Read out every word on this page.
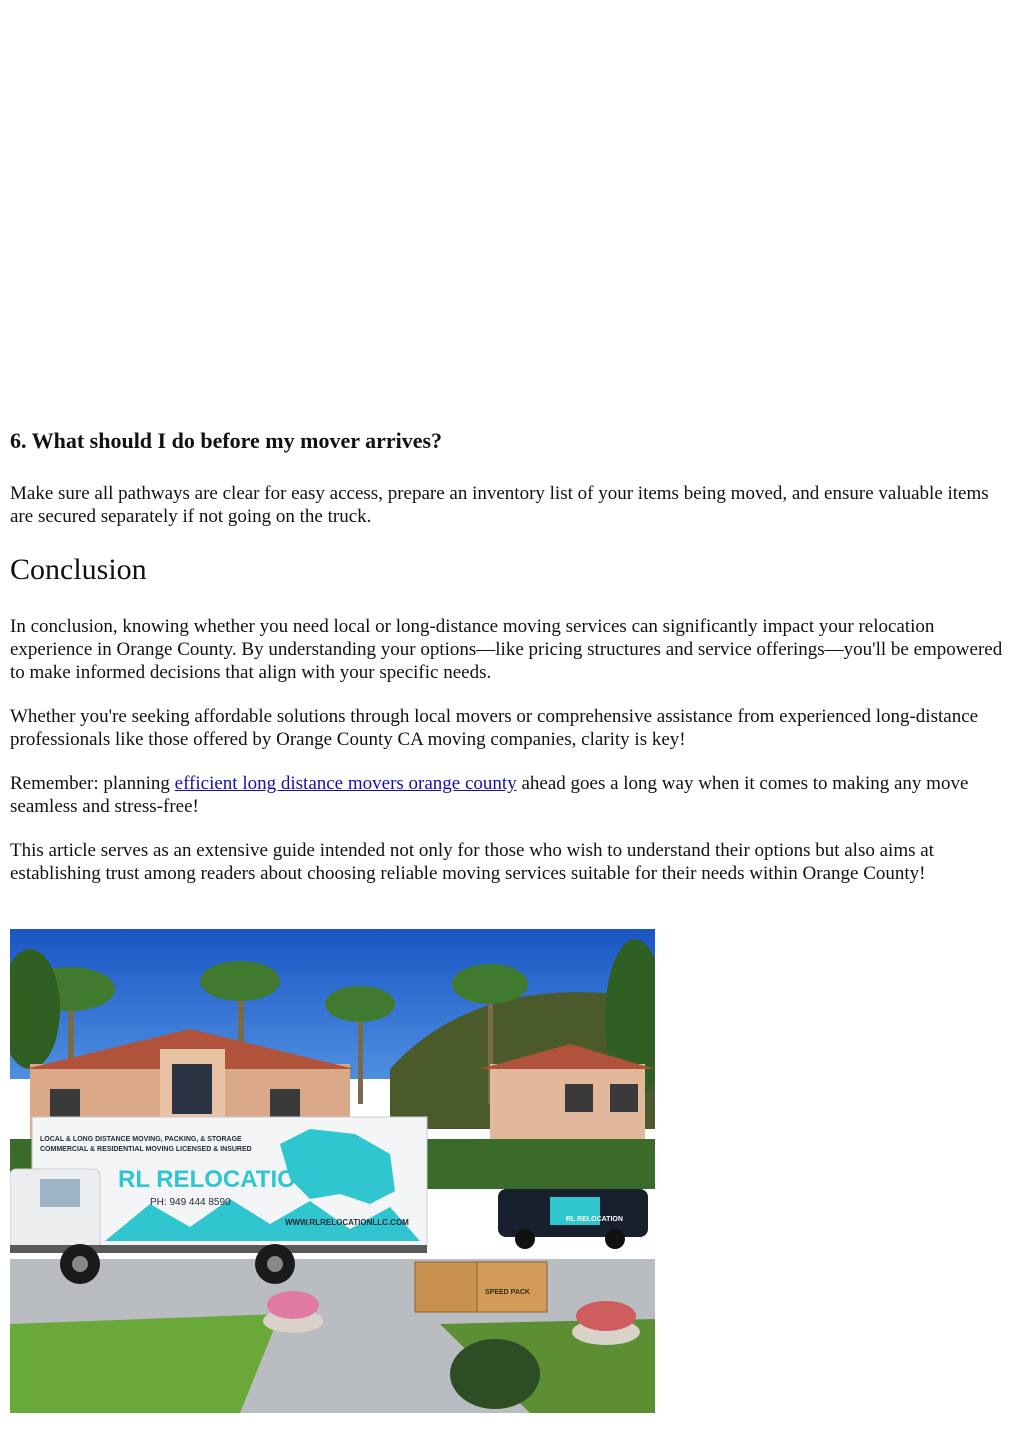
6. What should I do before my mover arrives?

Make sure all pathways are clear for easy access, prepare an inventory list of your items being moved, and ensure valuable items are secured separately if not going on the truck.

Conclusion

In conclusion, knowing whether you need local or long-distance moving services can significantly impact your relocation experience in Orange County. By understanding your options—like pricing structures and service offerings—you'll be empowered to make informed decisions that align with your specific needs.

Whether you're seeking affordable solutions through local movers or comprehensive assistance from experienced long-distance professionals like those offered by Orange County CA moving companies, clarity is key!

Remember: planning efficient long distance movers orange county ahead goes a long way when it comes to making any move seamless and stress-free!

This article serves as an extensive guide intended not only for those who wish to understand their options but also aims at establishing trust among readers about choosing reliable moving services suitable for their needs within Orange County!

RL RELOCATION
LOCAL & LONG DISTANCE MOVING, PACKING, & STORAGE
COMMERCIAL & RESIDENTIAL MOVING LICENSED & INSURED
RL RELOCATION
PH: 949 444 8590
WWW.RLRELOCATIONLLC.COM
SPEED PACK
